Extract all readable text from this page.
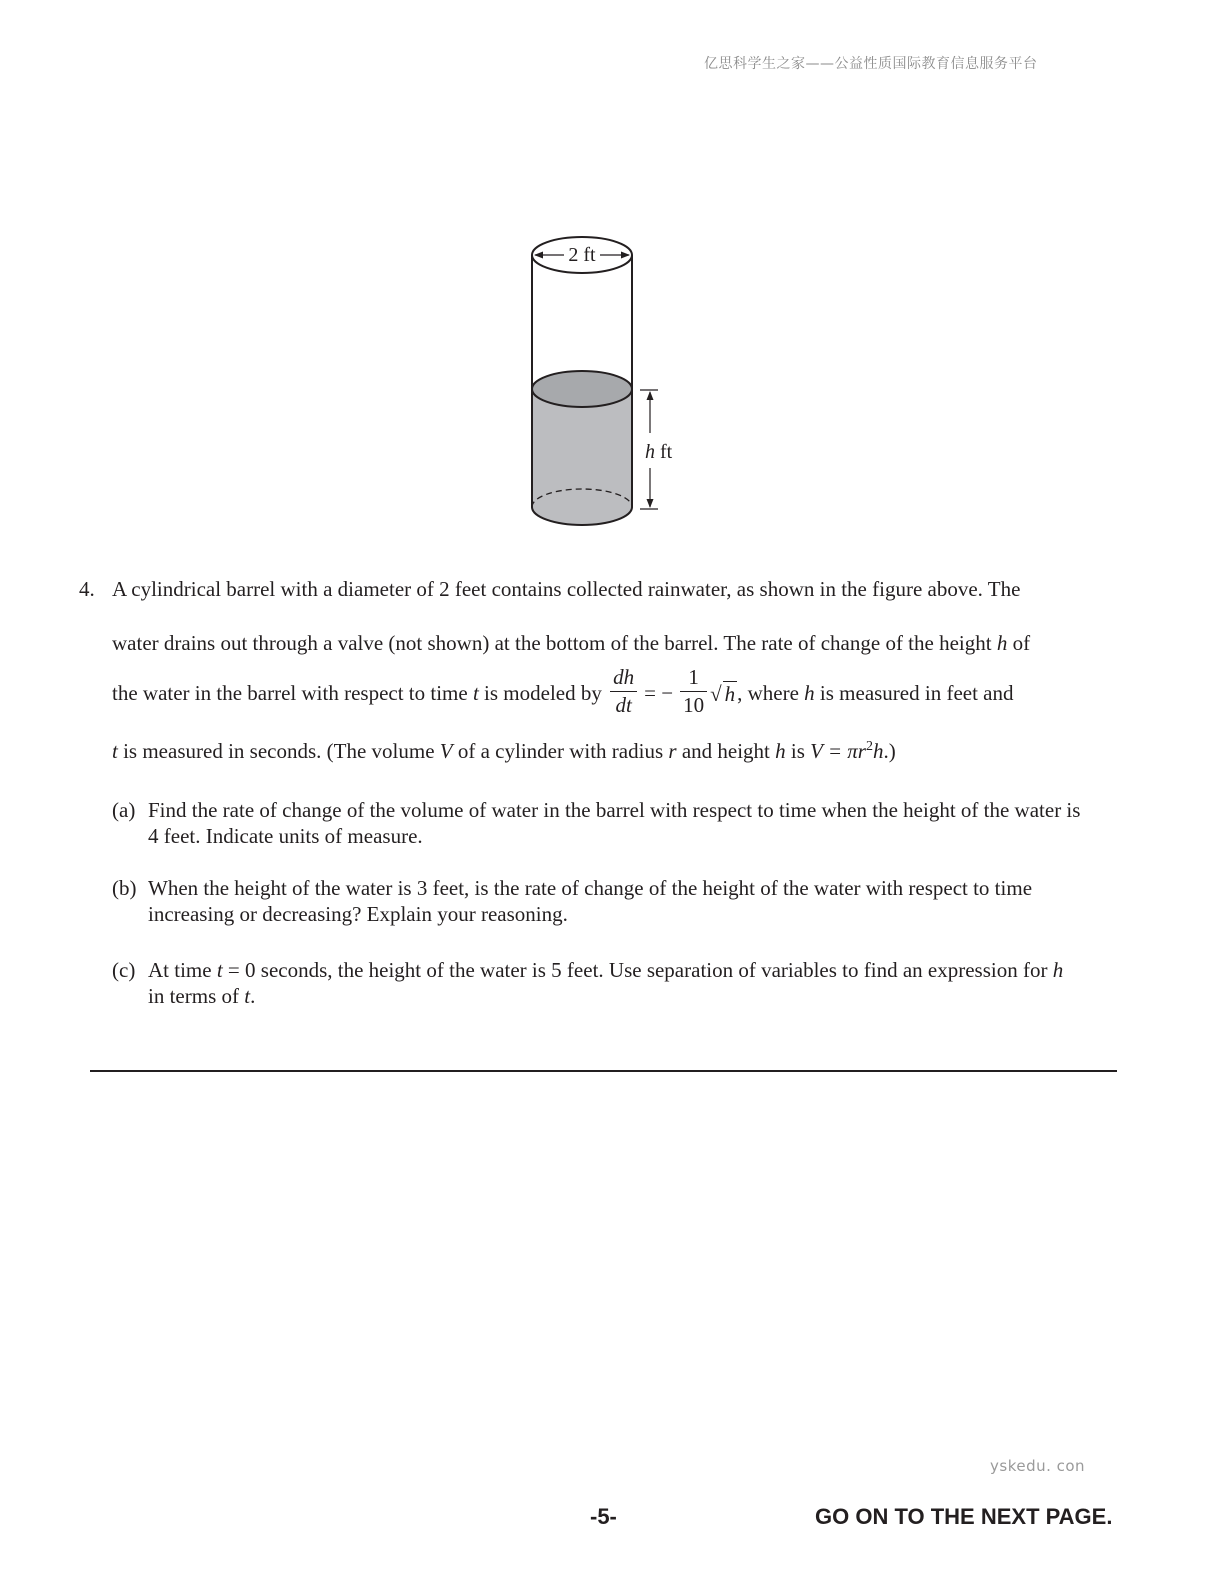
亿思科学生之家——公益性质国际教育信息服务平台
2 ft
h ft
4. A cylindrical barrel with a diameter of 2 feet contains collected rainwater, as shown in the figure above. The
water drains out through a valve (not shown) at the bottom of the barrel. The rate of change of the height h of
the water in the barrel with respect to time t is modeled by $\frac{dh}{dt}$ = − $\frac{1}{10}$ √ h, where h is measured in feet and
t is measured in seconds. (The volume V of a cylinder with radius r and height h is $V = \pi r^2h$.)
(a) Find the rate of change of the volume of water in the barrel with respect to time when the height of the water is 4 feet. Indicate units of measure.
(b) When the height of the water is 3 feet, is the rate of change of the height of the water with respect to time increasing or decreasing? Explain your reasoning.
(c) At time t = 0 seconds, the height of the water is 5 feet. Use separation of variables to find an expression for h in terms of t.
yskedu. con
-5-	GO ON TO THE NEXT PAGE.
